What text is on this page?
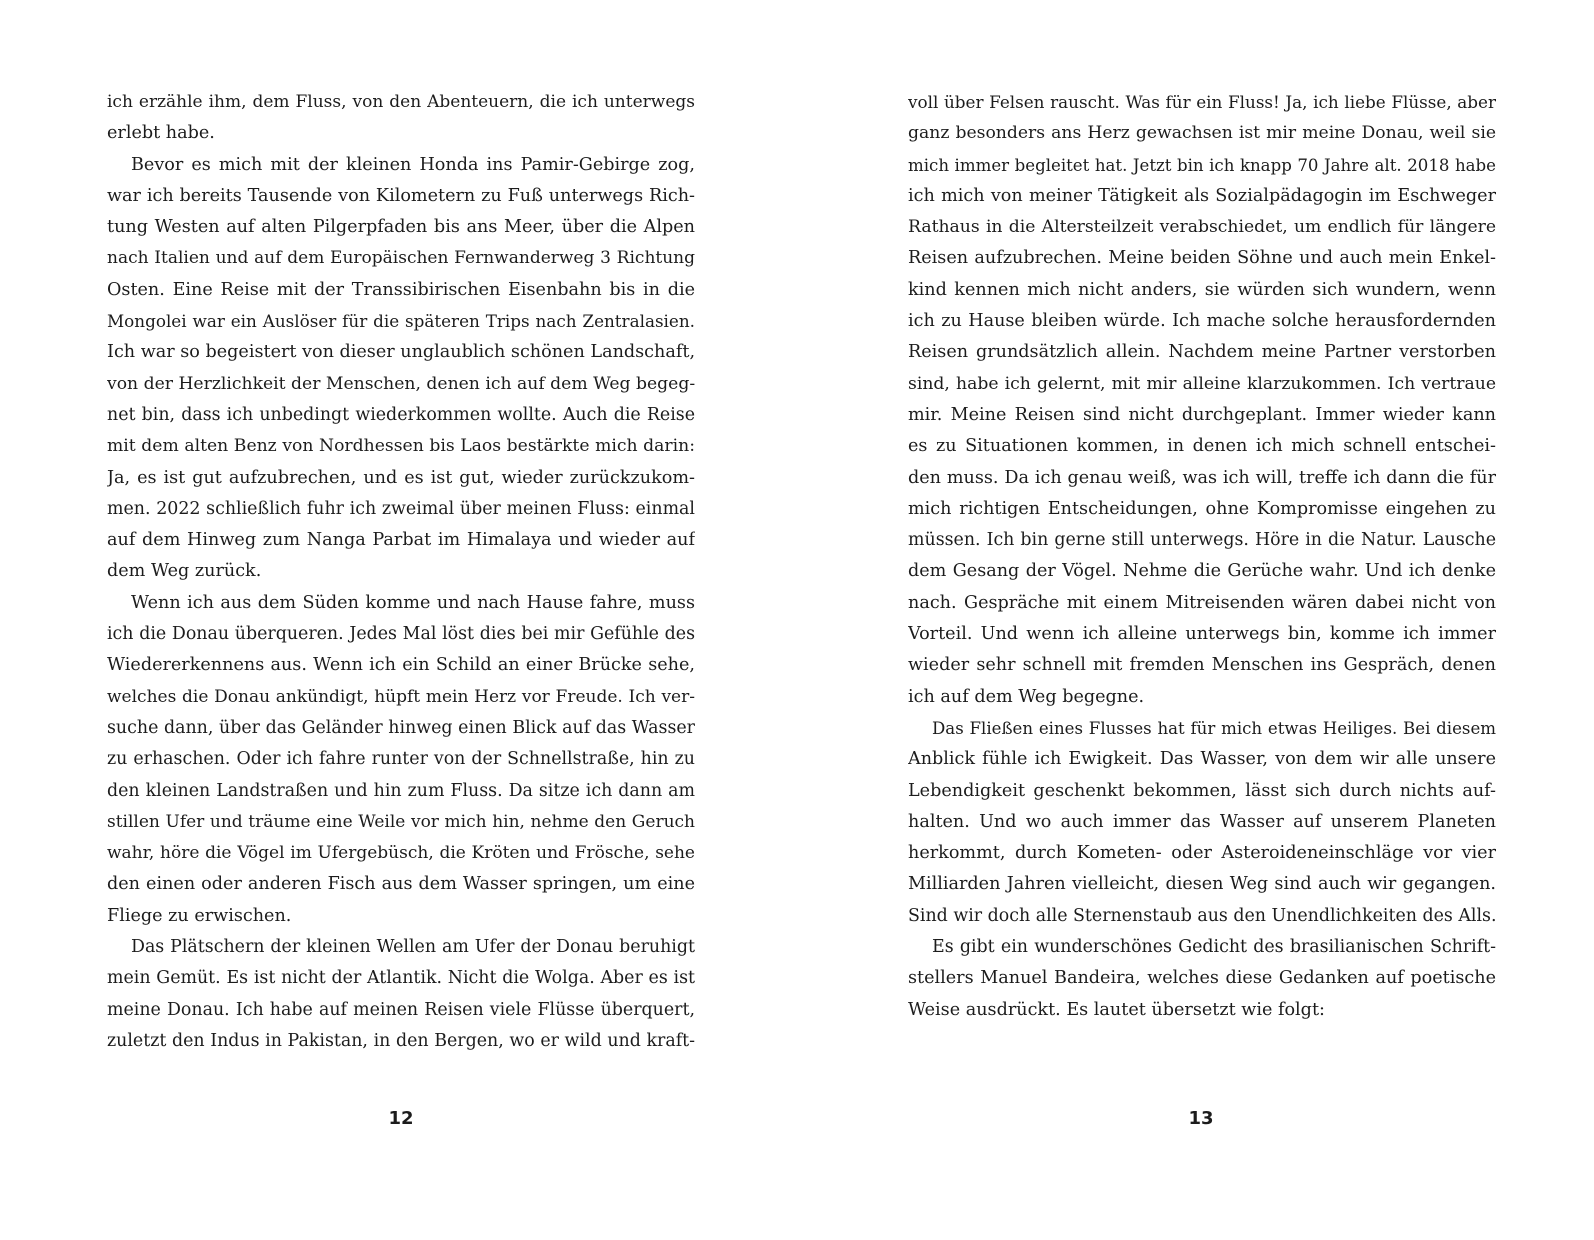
ich erzähle ihm, dem Fluss, von den Abenteuern, die ich unterwegs
erlebt habe.
Bevor es mich mit der kleinen Honda ins Pamir-Gebirge zog,
war ich bereits Tausende von Kilometern zu Fuß unterwegs Rich-
tung Westen auf alten Pilgerpfaden bis ans Meer, über die Alpen
nach Italien und auf dem Europäischen Fernwanderweg 3 Richtung
Osten. Eine Reise mit der Transsibirischen Eisenbahn bis in die
Mongolei war ein Auslöser für die späteren Trips nach Zentralasien.
Ich war so begeistert von dieser unglaublich schönen Landschaft,
von der Herzlichkeit der Menschen, denen ich auf dem Weg begeg-
net bin, dass ich unbedingt wiederkommen wollte. Auch die Reise
mit dem alten Benz von Nordhessen bis Laos bestärkte mich darin:
Ja, es ist gut aufzubrechen, und es ist gut, wieder zurückzukom-
men. 2022 schließlich fuhr ich zweimal über meinen Fluss: einmal
auf dem Hinweg zum Nanga Parbat im Himalaya und wieder auf
dem Weg zurück.
Wenn ich aus dem Süden komme und nach Hause fahre, muss
ich die Donau überqueren. Jedes Mal löst dies bei mir Gefühle des
Wiedererkennens aus. Wenn ich ein Schild an einer Brücke sehe,
welches die Donau ankündigt, hüpft mein Herz vor Freude. Ich ver-
suche dann, über das Geländer hinweg einen Blick auf das Wasser
zu erhaschen. Oder ich fahre runter von der Schnellstraße, hin zu
den kleinen Landstraßen und hin zum Fluss. Da sitze ich dann am
stillen Ufer und träume eine Weile vor mich hin, nehme den Geruch
wahr, höre die Vögel im Ufergebüsch, die Kröten und Frösche, sehe
den einen oder anderen Fisch aus dem Wasser springen, um eine
Fliege zu erwischen.
Das Plätschern der kleinen Wellen am Ufer der Donau beruhigt
mein Gemüt. Es ist nicht der Atlantik. Nicht die Wolga. Aber es ist
meine Donau. Ich habe auf meinen Reisen viele Flüsse überquert,
zuletzt den Indus in Pakistan, in den Bergen, wo er wild und kraft-
12
voll über Felsen rauscht. Was für ein Fluss! Ja, ich liebe Flüsse, aber
ganz besonders ans Herz gewachsen ist mir meine Donau, weil sie
mich immer begleitet hat. Jetzt bin ich knapp 70 Jahre alt. 2018 habe
ich mich von meiner Tätigkeit als Sozialpädagogin im Eschweger
Rathaus in die Altersteilzeit verabschiedet, um endlich für längere
Reisen aufzubrechen. Meine beiden Söhne und auch mein Enkel-
kind kennen mich nicht anders, sie würden sich wundern, wenn
ich zu Hause bleiben würde. Ich mache solche herausfordernden
Reisen grundsätzlich allein. Nachdem meine Partner verstorben
sind, habe ich gelernt, mit mir alleine klarzukommen. Ich vertraue
mir. Meine Reisen sind nicht durchgeplant. Immer wieder kann
es zu Situationen kommen, in denen ich mich schnell entschei-
den muss. Da ich genau weiß, was ich will, treffe ich dann die für
mich richtigen Entscheidungen, ohne Kompromisse eingehen zu
müssen. Ich bin gerne still unterwegs. Höre in die Natur. Lausche
dem Gesang der Vögel. Nehme die Gerüche wahr. Und ich denke
nach. Gespräche mit einem Mitreisenden wären dabei nicht von
Vorteil. Und wenn ich alleine unterwegs bin, komme ich immer
wieder sehr schnell mit fremden Menschen ins Gespräch, denen
ich auf dem Weg begegne.
Das Fließen eines Flusses hat für mich etwas Heiliges. Bei diesem
Anblick fühle ich Ewigkeit. Das Wasser, von dem wir alle unsere
Lebendigkeit geschenkt bekommen, lässt sich durch nichts auf-
halten. Und wo auch immer das Wasser auf unserem Planeten
herkommt, durch Kometen- oder Asteroideneinschläge vor vier
Milliarden Jahren vielleicht, diesen Weg sind auch wir gegangen.
Sind wir doch alle Sternenstaub aus den Unendlichkeiten des Alls.
Es gibt ein wunderschönes Gedicht des brasilianischen Schrift-
stellers Manuel Bandeira, welches diese Gedanken auf poetische
Weise ausdrückt. Es lautet übersetzt wie folgt:
13
